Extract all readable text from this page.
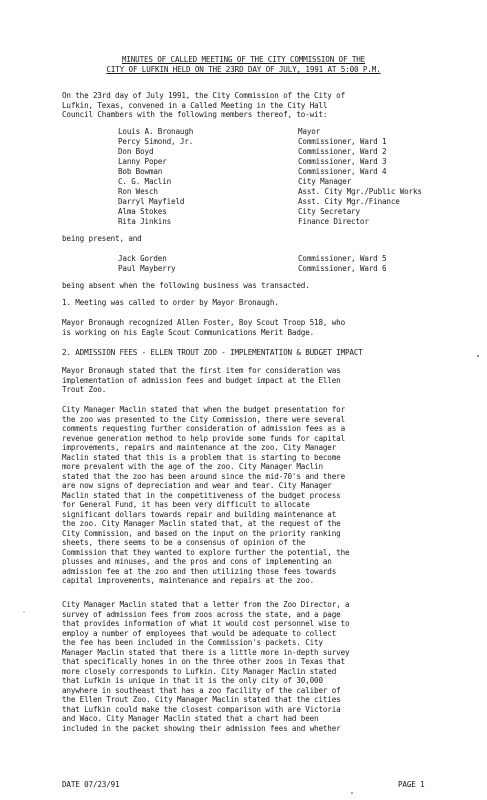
MINUTES OF CALLED MEETING OF THE CITY COMMISSION OF THE
CITY OF LUFKIN HELD ON THE 23RD DAY OF JULY, 1991 AT 5:00 P.M.
On the 23rd day of July 1991, the City Commission of the City of
Lufkin, Texas, convened in a Called Meeting in the City Hall
Council Chambers with the following members thereof, to-wit:
Louis A. Bronaugh	Mayor
Percy Simond, Jr.	Commissioner, Ward 1
Don Boyd	Commissioner, Ward 2
Lanny Poper	Commissioner, Ward 3
Bob Bowman	Commissioner, Ward 4
C. G. Maclin	City Manager
Ron Wesch	Asst. City Mgr./Public Works
Darryl Mayfield	Asst. City Mgr./Finance
Alma Stokes	City Secretary
Rita Jinkins	Finance Director
being present, and
Jack Gorden	Commissioner, Ward 5
Paul Mayberry	Commissioner, Ward 6
being absent when the following business was transacted.
1. Meeting was called to order by Mayor Bronaugh.
Mayor Bronaugh recognized Allen Foster, Boy Scout Troop 518, who
is working on his Eagle Scout Communications Merit Badge.
2. ADMISSION FEES - ELLEN TROUT ZOO - IMPLEMENTATION & BUDGET IMPACT
Mayor Bronaugh stated that the first item for consideration was
implementation of admission fees and budget impact at the Ellen
Trout Zoo.
City Manager Maclin stated that when the budget presentation for
the zoo was presented to the City Commission, there were several
comments requesting further consideration of admission fees as a
revenue generation method to help provide some funds for capital
improvements, repairs and maintenance at the zoo. City Manager
Maclin stated that this is a problem that is starting to become
more prevalent with the age of the zoo. City Manager Maclin
stated that the zoo has been around since the mid-70's and there
are now signs of depreciation and wear and tear. City Manager
Maclin stated that in the competitiveness of the budget process
for General Fund, it has been very difficult to allocate
significant dollars towards repair and building maintenance at
the zoo. City Manager Maclin stated that, at the request of the
City Commission, and based on the input on the priority ranking
sheets, there seems to be a consensus of opinion of the
Commission that they wanted to explore further the potential, the
plusses and minuses, and the pros and cons of implementing an
admission fee at the zoo and then utilizing those fees towards
capital improvements, maintenance and repairs at the zoo.
City Manager Maclin stated that a letter from the Zoo Director, a
survey of admission fees from zoos across the state, and a page
that provides information of what it would cost personnel wise to
employ a number of employees that would be adequate to collect
the fee has been included in the Commission's packets. City
Manager Maclin stated that there is a little more in-depth survey
that specifically hones in on the three other zoos in Texas that
more closely corresponds to Lufkin. City Manager Maclin stated
that Lufkin is unique in that it is the only city of 30,000
anywhere in southeast that has a zoo facility of the caliber of
the Ellen Trout Zoo. City Manager Maclin stated that the cities
that Lufkin could make the closest comparison with are Victoria
and Waco. City Manager Maclin stated that a chart had been
included in the packet showing their admission fees and whether
DATE 07/23/91	PAGE 1
